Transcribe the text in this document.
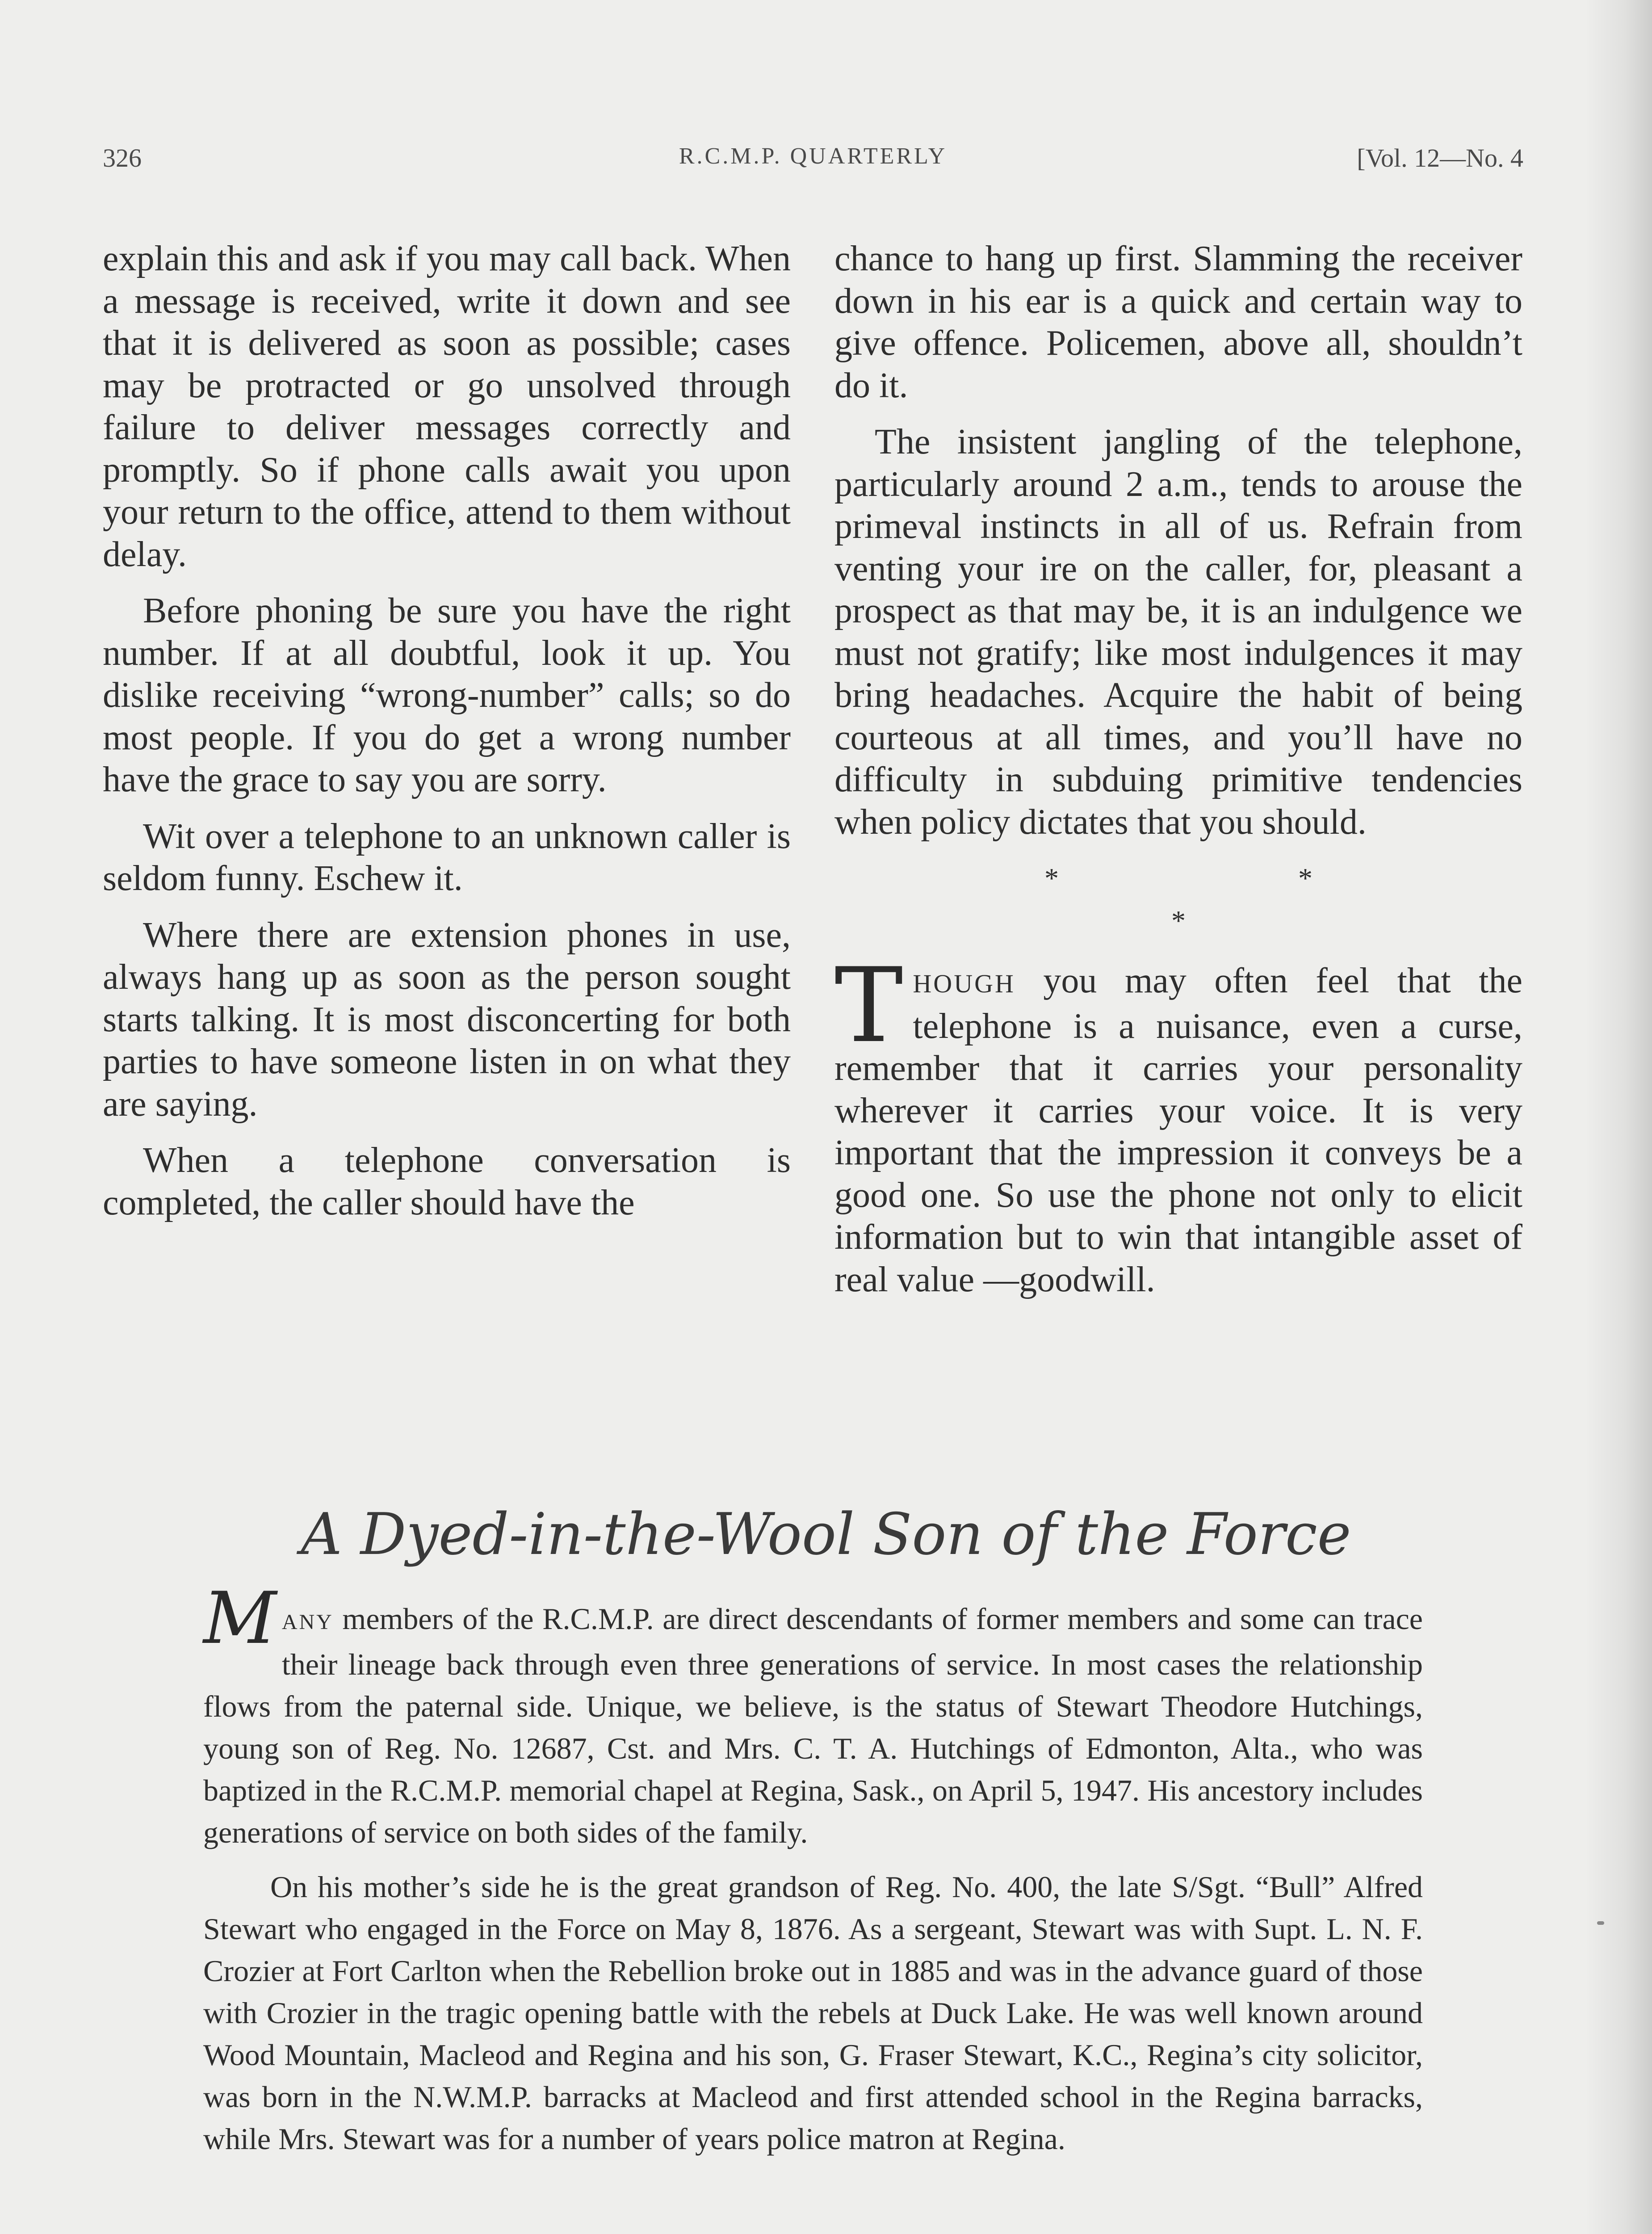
326	R.C.M.P. QUARTERLY	[Vol. 12—No. 4

explain this and ask if you may call back. When a message is received, write it down and see that it is delivered as soon as possible; cases may be protracted or go unsolved through failure to deliver messages correctly and promptly. So if phone calls await you upon your return to the office, attend to them without delay.

Before phoning be sure you have the right number. If at all doubtful, look it up. You dislike receiving “wrong-number” calls; so do most people. If you do get a wrong number have the grace to say you are sorry.

Wit over a telephone to an unknown caller is seldom funny. Eschew it.

Where there are extension phones in use, always hang up as soon as the person sought starts talking. It is most disconcerting for both parties to have someone listen in on what they are saying.

When a telephone conversation is completed, the caller should have the

chance to hang up first. Slamming the receiver down in his ear is a quick and certain way to give offence. Policemen, above all, shouldn’t do it.

The insistent jangling of the telephone, particularly around 2 a.m., tends to arouse the primeval instincts in all of us. Refrain from venting your ire on the caller, for, pleasant a prospect as that may be, it is an indulgence we must not gratify; like most indulgences it may bring headaches. Acquire the habit of being courteous at all times, and you’ll have no difficulty in subduing primitive tendencies when policy dictates that you should.

* * *

THOUGH you may often feel that the telephone is a nuisance, even a curse, remember that it carries your personality wherever it carries your voice. It is very important that the impression it conveys be a good one. So use the phone not only to elicit information but to win that intangible asset of real value —goodwill.

A Dyed-in-the-Wool Son of the Force

MANY members of the R.C.M.P. are direct descendants of former members and some can trace their lineage back through even three generations of service. In most cases the relationship flows from the paternal side. Unique, we believe, is the status of Stewart Theodore Hutchings, young son of Reg. No. 12687, Cst. and Mrs. C. T. A. Hutchings of Edmonton, Alta., who was baptized in the R.C.M.P. memorial chapel at Regina, Sask., on April 5, 1947. His ancestory includes generations of service on both sides of the family.

On his mother’s side he is the great grandson of Reg. No. 400, the late S/Sgt. “Bull” Alfred Stewart who engaged in the Force on May 8, 1876. As a sergeant, Stewart was with Supt. L. N. F. Crozier at Fort Carlton when the Rebellion broke out in 1885 and was in the advance guard of those with Crozier in the tragic opening battle with the rebels at Duck Lake. He was well known around Wood Mountain, Macleod and Regina and his son, G. Fraser Stewart, K.C., Regina’s city solicitor, was born in the N.W.M.P. barracks at Macleod and first attended school in the Regina barracks, while Mrs. Stewart was for a number of years police matron at Regina.
